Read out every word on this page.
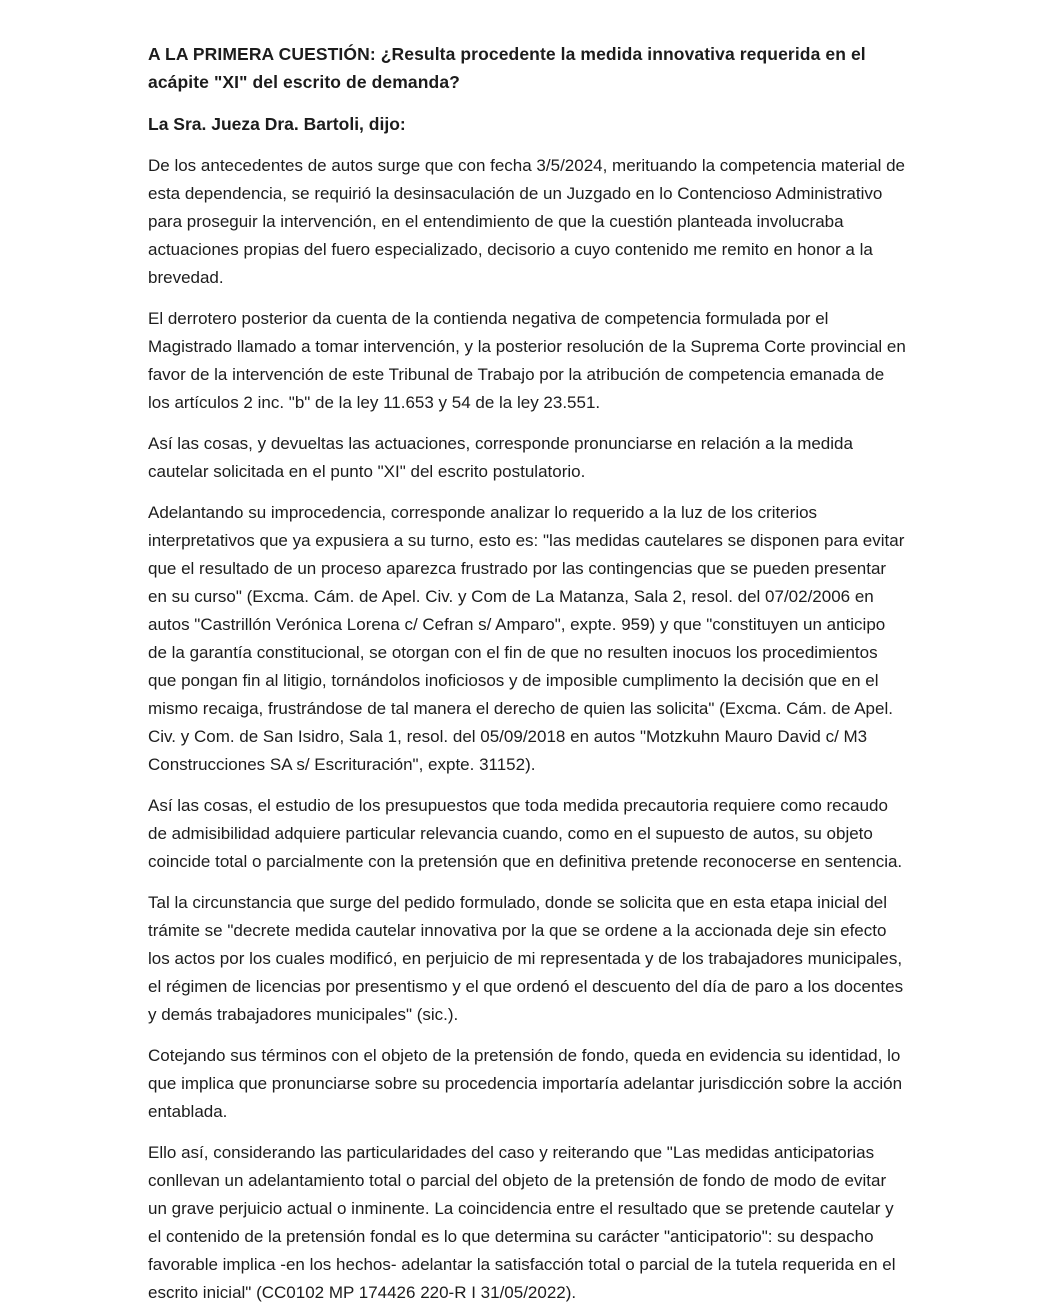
A LA PRIMERA CUESTIÓN: ¿Resulta procedente la medida innovativa requerida en el acápite "XI" del escrito de demanda?

La Sra. Jueza Dra. Bartoli, dijo:

De los antecedentes de autos surge que con fecha 3/5/2024, merituando la competencia material de esta dependencia, se requirió la desinsaculación de un Juzgado en lo Contencioso Administrativo para proseguir la intervención, en el entendimiento de que la cuestión planteada involucraba actuaciones propias del fuero especializado, decisorio a cuyo contenido me remito en honor a la brevedad.

El derrotero posterior da cuenta de la contienda negativa de competencia formulada por el Magistrado llamado a tomar intervención, y la posterior resolución de la Suprema Corte provincial en favor de la intervención de este Tribunal de Trabajo por la atribución de competencia emanada de los artículos 2 inc. "b" de la ley 11.653 y 54 de la ley 23.551.

Así las cosas, y devueltas las actuaciones, corresponde pronunciarse en relación a la medida cautelar solicitada en el punto "XI" del escrito postulatorio.

Adelantando su improcedencia, corresponde analizar lo requerido a la luz de los criterios interpretativos que ya expusiera a su turno, esto es: "las medidas cautelares se disponen para evitar que el resultado de un proceso aparezca frustrado por las contingencias que se pueden presentar en su curso" (Excma. Cám. de Apel. Civ. y Com de La Matanza, Sala 2, resol. del 07/02/2006 en autos "Castrillón Verónica Lorena c/ Cefran s/ Amparo", expte. 959) y que "constituyen un anticipo de la garantía constitucional, se otorgan con el fin de que no resulten inocuos los procedimientos que pongan fin al litigio, tornándolos inoficiosos y de imposible cumplimento la decisión que en el mismo recaiga, frustrándose de tal manera el derecho de quien las solicita" (Excma. Cám. de Apel. Civ. y Com. de San Isidro, Sala 1, resol. del 05/09/2018 en autos "Motzkuhn Mauro David c/ M3 Construcciones SA s/ Escrituración", expte. 31152).

Así las cosas, el estudio de los presupuestos que toda medida precautoria requiere como recaudo de admisibilidad adquiere particular relevancia cuando, como en el supuesto de autos, su objeto coincide total o parcialmente con la pretensión que en definitiva pretende reconocerse en sentencia.

Tal la circunstancia que surge del pedido formulado, donde se solicita que en esta etapa inicial del trámite se "decrete medida cautelar innovativa por la que se ordene a la accionada deje sin efecto los actos por los cuales modificó, en perjuicio de mi representada y de los trabajadores municipales, el régimen de licencias por presentismo y el que ordenó el descuento del día de paro a los docentes y demás trabajadores municipales" (sic.).

Cotejando sus términos con el objeto de la pretensión de fondo, queda en evidencia su identidad, lo que implica que pronunciarse sobre su procedencia importaría adelantar jurisdicción sobre la acción entablada.

Ello así, considerando las particularidades del caso y reiterando que "Las medidas anticipatorias conllevan un adelantamiento total o parcial del objeto de la pretensión de fondo de modo de evitar un grave perjuicio actual o inminente. La coincidencia entre el resultado que se pretende cautelar y el contenido de la pretensión fondal es lo que determina su carácter "anticipatorio": su despacho favorable implica -en los hechos- adelantar la satisfacción total o parcial de la tutela requerida en el escrito inicial" (CC0102 MP 174426 220-R I 31/05/2022).
